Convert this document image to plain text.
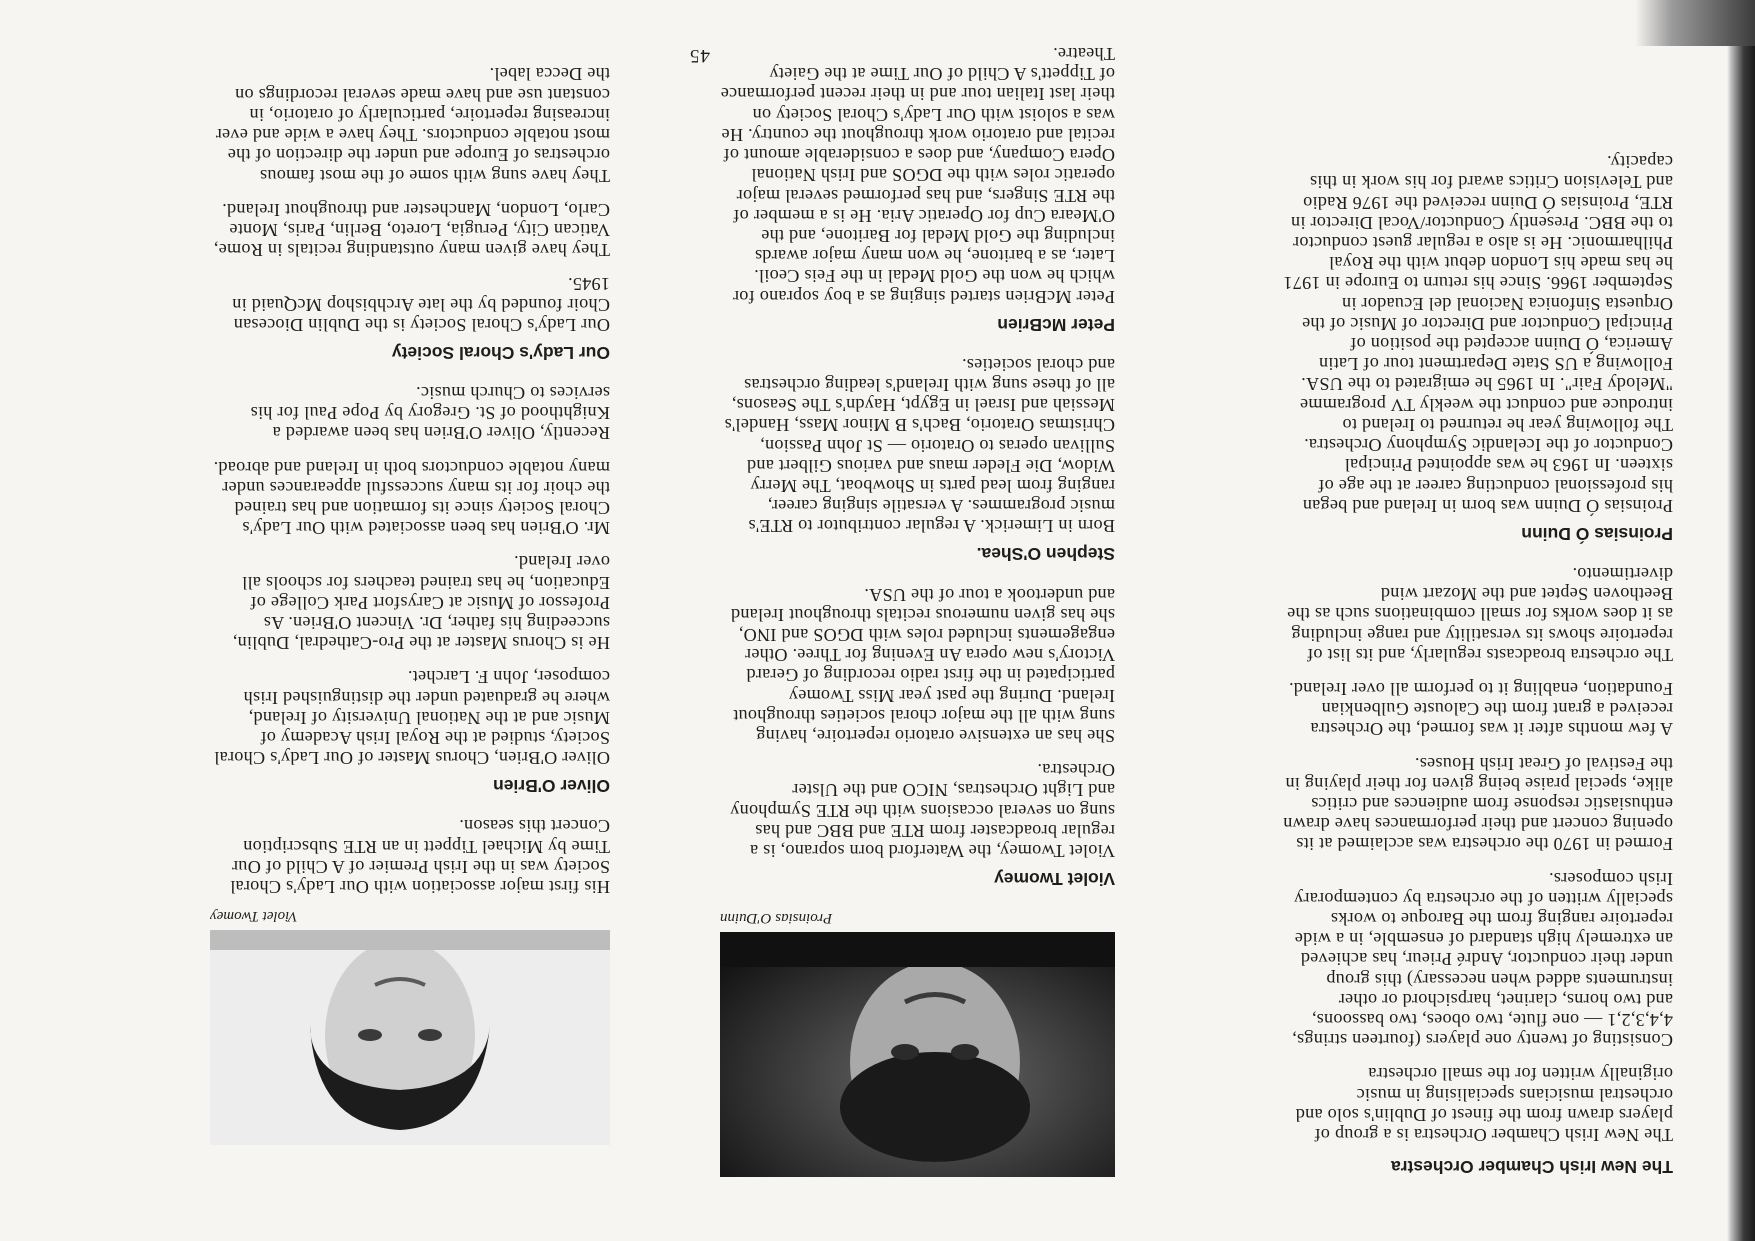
The New Irish Chamber Orchestra

The New Irish Chamber Orchestra is a group of players drawn from the finest of Dublin's solo and orchestral musicians specialising in music originally written for the small orchestra

Consisting of twenty one players (fourteen strings, 4,4,3,2,1 — one flute, two oboes, two bassoons, and two horns, clarinet, harpsichord or other instruments added when necessary) this group under their conductor, André Prieur, has achieved an extremely high standard of ensemble, in a wide repertoire ranging from the Baroque to works specially written of the orchestra by contemporary Irish composers.

Formed in 1970 the orchestra was acclaimed at its opening concert and their performances have drawn enthusiastic response from audiences and critics alike, special praise being given for their playing in the Festival of Great Irish Houses.

A few months after it was formed, the Orchestra received a grant from the Calouste Gulbenkian Foundation, enabling it to perform all over Ireland.

The orchestra broadcasts regularly, and its list of repertoire shows its versatility and range including as it does works for small combinations such as the Beethoven Septet and the Mozart wind divertimento.

Proinsias Ó Duinn

Proinsias Ó Duinn was born in Ireland and began his professional conducting career at the age of sixteen. In 1963 he was appointed Principal Conductor of the Icelandic Symphony Orchestra. The following year he returned to Ireland to introduce and conduct the weekly TV programme "Melody Fair". In 1965 he emigrated to the USA. Following a US State Department tour of Latin America, Ó Duinn accepted the position of Principal Conductor and Director of Music of the Orquesta Sinfonica Nacional del Ecuador in September 1966. Since his return to Europe in 1971 he has made his London debut with the Royal Philharmonic. He is also a regular guest conductor to the BBC. Presently Conductor/Vocal Director in RTE, Proinsias Ó Duinn received the 1976 Radio and Television Critics award for his work in this capacity.

Proinsias O'Duinn
Violet Twomey

Violet Twomey, the Waterford born soprano, is a regular broadcaster from RTE and BBC and has sung on several occasions with the RTE Symphony and Light Orchestras, NICO and the Ulster Orchestra.

She has an extensive oratorio repertoire, having sung with all the major choral societies throughout Ireland. During the past year Miss Twomey participated in the first radio recording of Gerard Victory's new opera An Evening for Three. Other engagements included roles with DGOS and INO, she has given numerous recitals throughout Ireland and undertook a tour of the USA.

Stephen O'Shea.

Born in Limerick. A regular contributor to RTE's music programmes. A versatile singing career, ranging from lead parts in Showboat, The Merry Widow, Die Fleder maus and various Gilbert and Sullivan operas to Oratorio — St John Passion, Christmas Oratorio, Bach's B Minor Mass, Handel's Messiah and Israel in Egypt, Haydn's The Seasons, all of these sung with Ireland's leading orchestras and choral societies.

Peter McBrien

Peter McBrien started singing as a boy soprano for which he won the Gold Medal in the Feis Ceoil. Later, as a baritone, he won many major awards including the Gold Medal for Baritone, and the O'Meara Cup for Operatic Aria. He is a member of the RTE Singers, and has performed several major operatic roles with the DGOS and Irish National Opera Company, and does a considerable amount of recital and oratorio work throughout the country. He was a soloist with Our Lady's Choral Society on their last Italian tour and in their recent performance of Tippett's A Child of Our Time at the Gaiety Theatre.

Violet Twomey

His first major association with Our Lady's Choral Society was in the Irish Premier of A Child of Our Time by Michael Tippett in an RTE Subscription Concert this season.

Oliver O'Brien

Oliver O'Brien, Chorus Master of Our Lady's Choral Society, studied at the Royal Irish Academy of Music and at the National University of Ireland, where he graduated under the distinguished Irish composer, John F. Larchet.

He is Chorus Master at the Pro-Cathedral, Dublin, succeeding his father, Dr. Vincent O'Brien. As Professor of Music at Carysfort Park College of Education, he has trained teachers for schools all over Ireland.

Mr. O'Brien has been associated with Our Lady's Choral Society since its formation and has trained the choir for its many successful appearances under many notable conductors both in Ireland and abroad.

Recently, Oliver O'Brien has been awarded a Knighthood of St. Gregory by Pope Paul for his services to Church music.

Our Lady's Choral Society

Our Lady's Choral Society is the Dublin Diocesan Choir founded by the late Archbishop McQuaid in 1945.

They have given many outstanding recitals in Rome, Vatican City, Perugia, Loreto, Berlin, Paris, Monte Carlo, London, Manchester and throughout Ireland.

They have sung with some of the most famous orchestras of Europe and under the direction of the most notable conductors. They have a wide and ever increasing repertoire, particularly of oratorio, in constant use and have made several recordings on the Decca label.

45
